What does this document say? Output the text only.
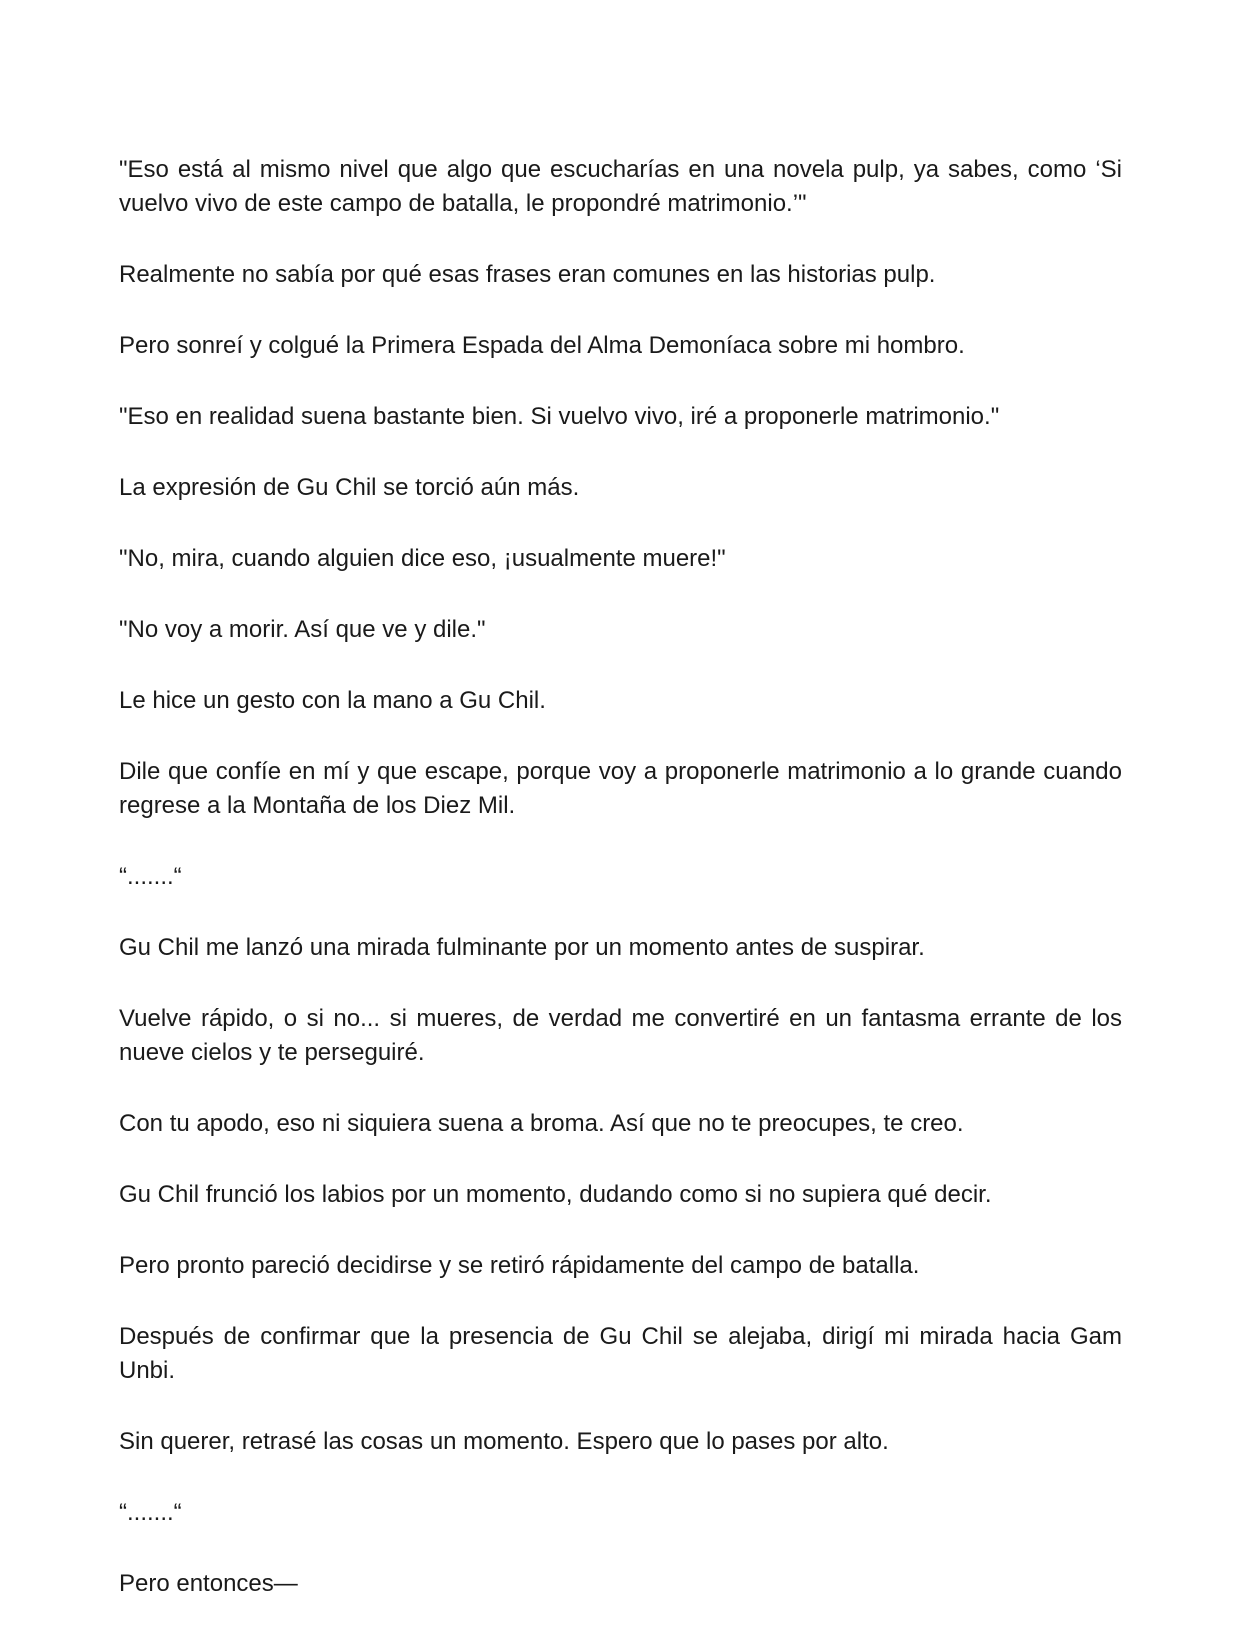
"Eso está al mismo nivel que algo que escucharías en una novela pulp, ya sabes, como ‘Si vuelvo vivo de este campo de batalla, le propondré matrimonio.’"

Realmente no sabía por qué esas frases eran comunes en las historias pulp.

Pero sonreí y colgué la Primera Espada del Alma Demoníaca sobre mi hombro.

"Eso en realidad suena bastante bien. Si vuelvo vivo, iré a proponerle matrimonio."

La expresión de Gu Chil se torció aún más.

"No, mira, cuando alguien dice eso, ¡usualmente muere!"

"No voy a morir. Así que ve y dile."

Le hice un gesto con la mano a Gu Chil.

Dile que confíe en mí y que escape, porque voy a proponerle matrimonio a lo grande cuando regrese a la Montaña de los Diez Mil.

“.......“

Gu Chil me lanzó una mirada fulminante por un momento antes de suspirar.

Vuelve rápido, o si no... si mueres, de verdad me convertiré en un fantasma errante de los nueve cielos y te perseguiré.

Con tu apodo, eso ni siquiera suena a broma. Así que no te preocupes, te creo.

Gu Chil frunció los labios por un momento, dudando como si no supiera qué decir.

Pero pronto pareció decidirse y se retiró rápidamente del campo de batalla.

Después de confirmar que la presencia de Gu Chil se alejaba, dirigí mi mirada hacia Gam Unbi.

Sin querer, retrasé las cosas un momento. Espero que lo pases por alto.

“.......“

Pero entonces—
